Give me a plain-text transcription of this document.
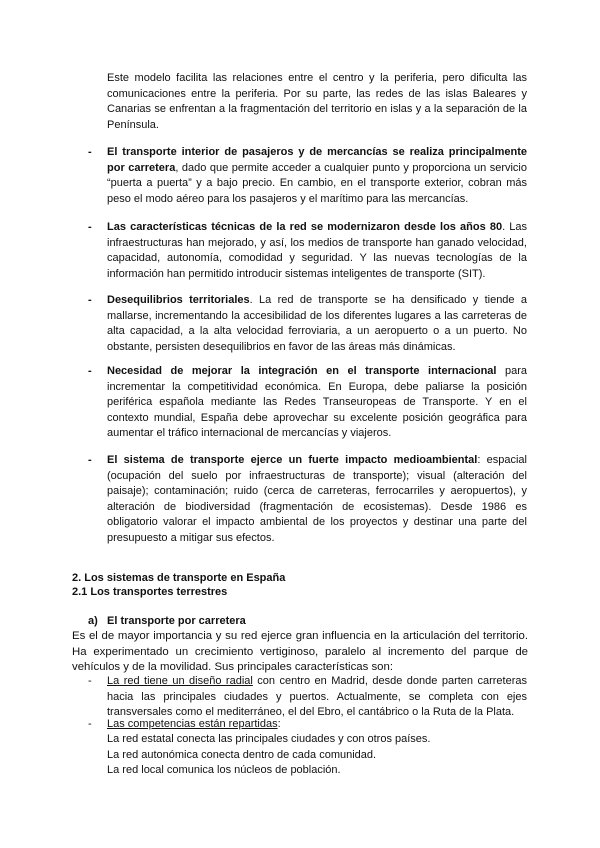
Este modelo facilita las relaciones entre el centro y la periferia, pero dificulta las comunicaciones entre la periferia. Por su parte, las redes de las islas Baleares y Canarias se enfrentan a la fragmentación del territorio en islas y a la separación de la Península.

- El transporte interior de pasajeros y de mercancías se realiza principalmente por carretera, dado que permite acceder a cualquier punto y proporciona un servicio “puerta a puerta” y a bajo precio. En cambio, en el transporte exterior, cobran más peso el modo aéreo para los pasajeros y el marítimo para las mercancías.

- Las características técnicas de la red se modernizaron desde los años 80. Las infraestructuras han mejorado, y así, los medios de transporte han ganado velocidad, capacidad, autonomía, comodidad y seguridad. Y las nuevas tecnologías de la información han permitido introducir sistemas inteligentes de transporte (SIT).

- Desequilibrios territoriales. La red de transporte se ha densificado y tiende a mallarse, incrementando la accesibilidad de los diferentes lugares a las carreteras de alta capacidad, a la alta velocidad ferroviaria, a un aeropuerto o a un puerto. No obstante, persisten desequilibrios en favor de las áreas más dinámicas.

- Necesidad de mejorar la integración en el transporte internacional para incrementar la competitividad económica. En Europa, debe paliarse la posición periférica española mediante las Redes Transeuropeas de Transporte. Y en el contexto mundial, España debe aprovechar su excelente posición geográfica para aumentar el tráfico internacional de mercancías y viajeros.

- El sistema de transporte ejerce un fuerte impacto medioambiental: espacial (ocupación del suelo por infraestructuras de transporte); visual (alteración del paisaje); contaminación; ruido (cerca de carreteras, ferrocarriles y aeropuertos), y alteración de biodiversidad (fragmentación de ecosistemas). Desde 1986 es obligatorio valorar el impacto ambiental de los proyectos y destinar una parte del presupuesto a mitigar sus efectos.

2. Los sistemas de transporte en España

2.1 Los transportes terrestres

a) El transporte por carretera

Es el de mayor importancia y su red ejerce gran influencia en la articulación del territorio. Ha experimentado un crecimiento vertiginoso, paralelo al incremento del parque de vehículos y de la movilidad. Sus principales características son:

- La red tiene un diseño radial con centro en Madrid, desde donde parten carreteras hacia las principales ciudades y puertos. Actualmente, se completa con ejes transversales como el mediterráneo, el del Ebro, el cantábrico o la Ruta de la Plata.

- Las competencias están repartidas:

La red estatal conecta las principales ciudades y con otros países.
La red autonómica conecta dentro de cada comunidad.
La red local comunica los núcleos de población.
